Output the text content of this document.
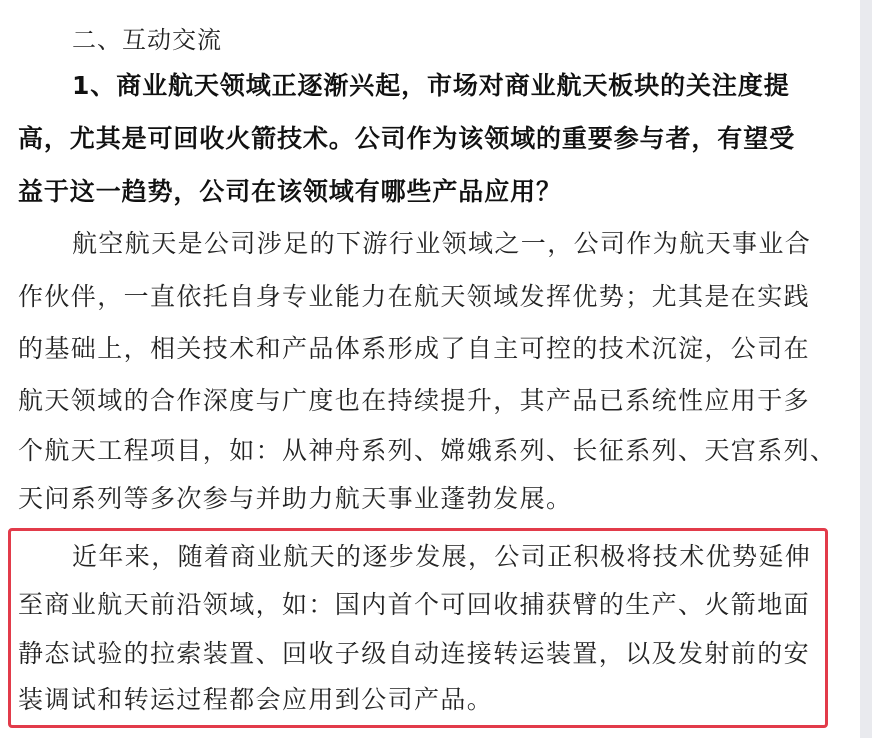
二、互动交流
1、商业航天领域正逐渐兴起，市场对商业航天板块的关注度提
高，尤其是可回收火箭技术。公司作为该领域的重要参与者，有望受
益于这一趋势，公司在该领域有哪些产品应用？
航空航天是公司涉足的下游行业领域之一，公司作为航天事业合
作伙伴，一直依托自身专业能力在航天领域发挥优势；尤其是在实践
的基础上，相关技术和产品体系形成了自主可控的技术沉淀，公司在
航天领域的合作深度与广度也在持续提升，其产品已系统性应用于多
个航天工程项目，如：从神舟系列、嫦娥系列、长征系列、天宫系列、
天问系列等多次参与并助力航天事业蓬勃发展。
近年来，随着商业航天的逐步发展，公司正积极将技术优势延伸
至商业航天前沿领域，如：国内首个可回收捕获臂的生产、火箭地面
静态试验的拉索装置、回收子级自动连接转运装置，以及发射前的安
装调试和转运过程都会应用到公司产品。
